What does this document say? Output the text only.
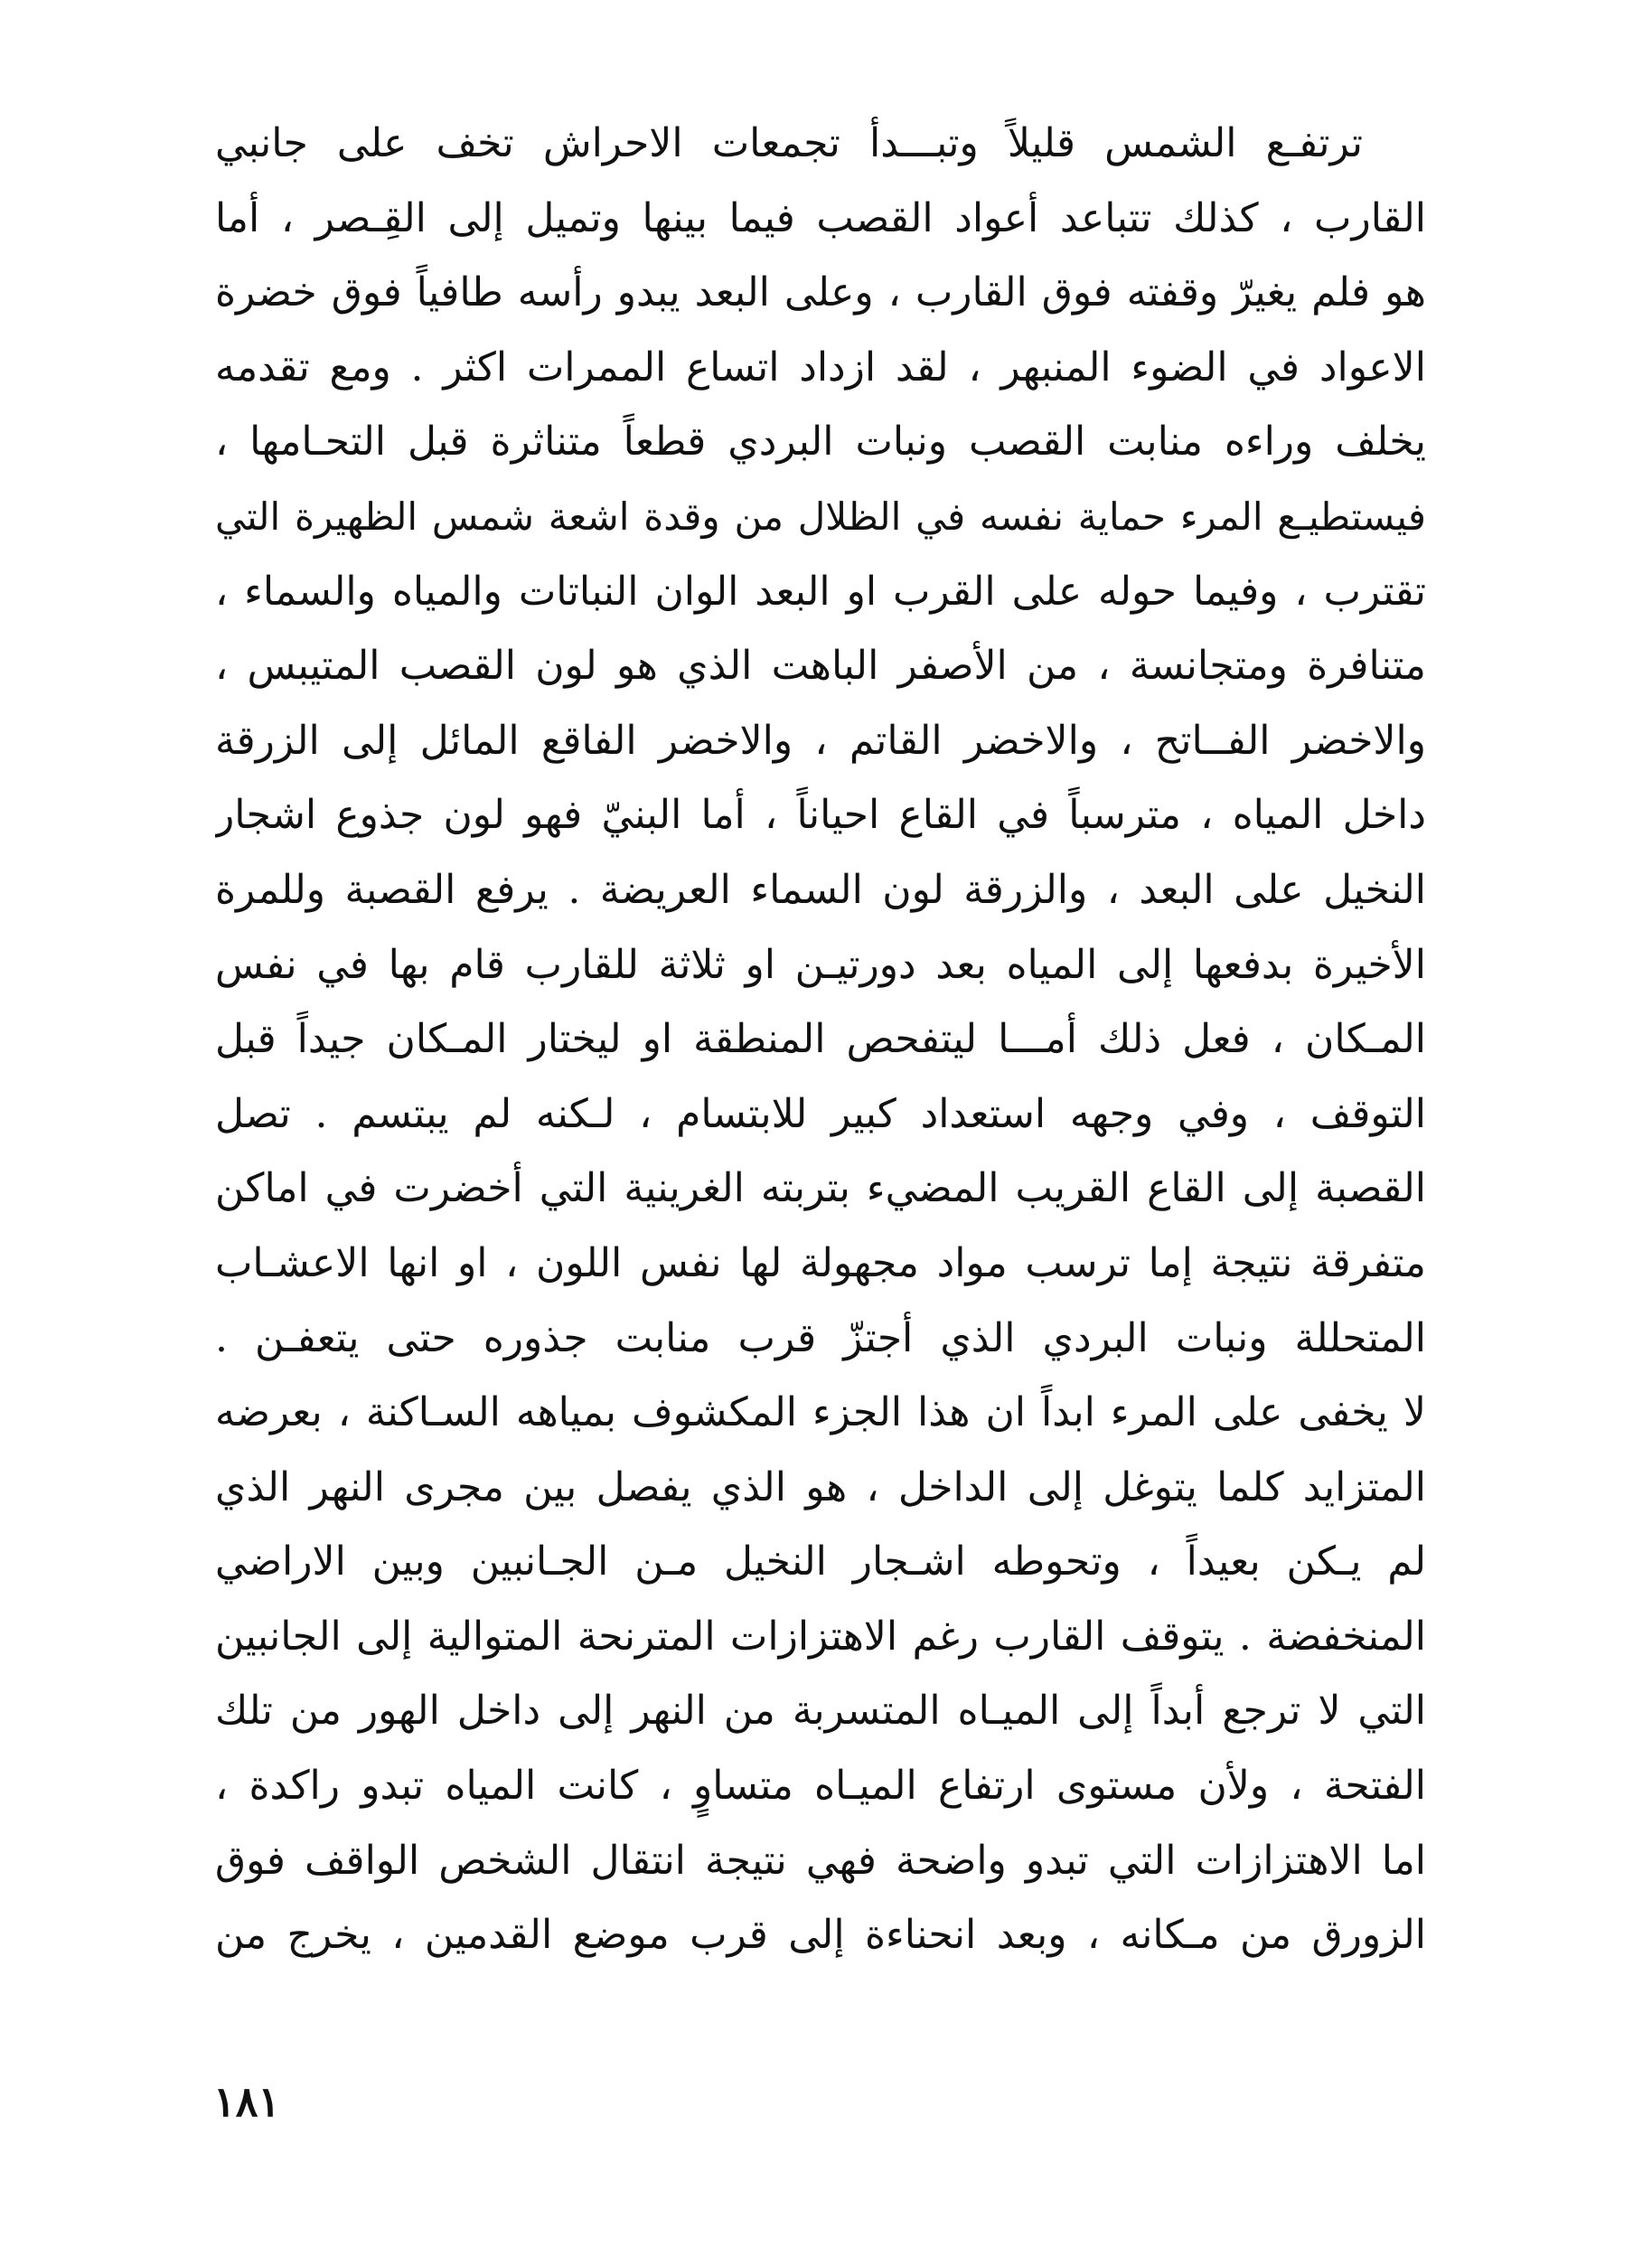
ترتفـع الشمس قليلاً وتبـــدأ تجمعات الاحراش تخف على جانبي
القارب ، كذلك تتباعد أعواد القصب فيما بينها وتميل إلى القِـصر ، أما
هو فلم يغيرّ وقفته فوق القارب ، وعلى البعد يبدو رأسه طافياً فوق خضرة
الاعواد في الضوء المنبهر ، لقد ازداد اتساع الممرات اكثر . ومع تقدمه
يخلف وراءه منابت القصب ونبات البردي قطعاً متناثرة قبل التحـامها ،
فيستطيـع المرء حماية نفسه في الظلال من وقدة اشعة شمس الظهيرة التي
تقترب ، وفيما حوله على القرب او البعد الوان النباتات والمياه والسماء ،
متنافرة ومتجانسة ، من الأصفر الباهت الذي هو لون القصب المتيبس ،
والاخضر الفــاتح ، والاخضر القاتم ، والاخضر الفاقع المائل إلى الزرقة
داخل المياه ، مترسباً في القاع احياناً ، أما البنيّ فهو لون جذوع اشجار
النخيل على البعد ، والزرقة لون السماء العريضة . يرفع القصبة وللمرة
الأخيرة بدفعها إلى المياه بعد دورتيـن او ثلاثة للقارب قام بها في نفس
المـكان ، فعل ذلك أمـــا ليتفحص المنطقة او ليختار المـكان جيداً قبل
التوقف ، وفي وجهه استعداد كبير للابتسام ، لـكنه لم يبتسم . تصل
القصبة إلى القاع القريب المضيء بتربته الغرينية التي أخضرت في اماكن
متفرقة نتيجة إما ترسب مواد مجهولة لها نفس اللون ، او انها الاعشـاب
المتحللة ونبات البردي الذي أجتزّ قرب منابت جذوره حتى يتعفـن .
لا يخفى على المرء ابداً ان هذا الجزء المكشوف بمياهه السـاكنة ، بعرضه
المتزايد كلما يتوغل إلى الداخل ، هو الذي يفصل بين مجرى النهر الذي
لم يـكن بعيداً ، وتحوطه اشـجار النخيل مـن الجـانبين وبين الاراضي
المنخفضة . يتوقف القارب رغم الاهتزازات المترنحة المتوالية إلى الجانبين
التي لا ترجع أبداً إلى الميـاه المتسربة من النهر إلى داخل الهور من تلك
الفتحة ، ولأن مستوى ارتفاع الميـاه متساوٍ ، كانت المياه تبدو راكدة ،
اما الاهتزازات التي تبدو واضحة فهي نتيجة انتقال الشخص الواقف فوق
الزورق من مـكانه ، وبعد انحناءة إلى قرب موضع القدمين ، يخرج من
١٨١
